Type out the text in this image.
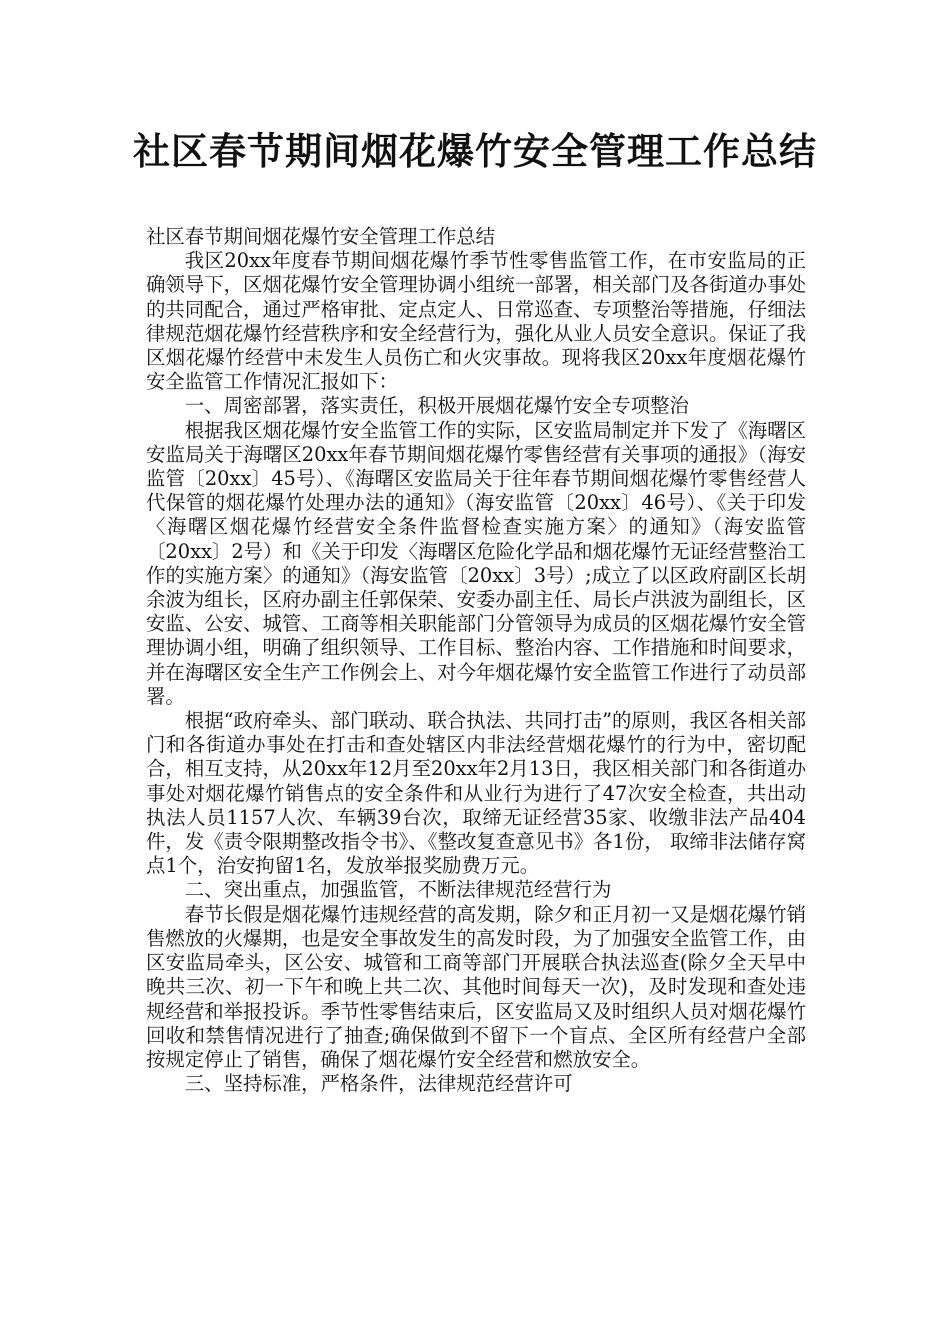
社区春节期间烟花爆竹安全管理工作总结

社区春节期间烟花爆竹安全管理工作总结

我区20xx年度春节期间烟花爆竹季节性零售监管工作，在市安监局的正确领导下，区烟花爆竹安全管理协调小组统一部署，相关部门及各街道办事处的共同配合，通过严格审批、定点定人、日常巡查、专项整治等措施，仔细法律规范烟花爆竹经营秩序和安全经营行为，强化从业人员安全意识。保证了我区烟花爆竹经营中未发生人员伤亡和火灾事故。现将我区20xx年度烟花爆竹安全监管工作情况汇报如下：

一、周密部署，落实责任，积极开展烟花爆竹安全专项整治

根据我区烟花爆竹安全监管工作的实际，区安监局制定并下发了《海曙区安监局关于海曙区20xx年春节期间烟花爆竹零售经营有关事项的通报》（海安监管〔20xx〕45号）、《海曙区安监局关于往年春节期间烟花爆竹零售经营人代保管的烟花爆竹处理办法的通知》（海安监管〔20xx〕46号）、《关于印发〈海曙区烟花爆竹经营安全条件监督检查实施方案〉的通知》（海安监管〔20xx〕2号）和《关于印发〈海曙区危险化学品和烟花爆竹无证经营整治工作的实施方案〉的通知》（海安监管〔20xx〕3号）;成立了以区政府副区长胡余波为组长，区府办副主任郭保荣、安委办副主任、局长卢洪波为副组长，区安监、公安、城管、工商等相关职能部门分管领导为成员的区烟花爆竹安全管理协调小组，明确了组织领导、工作目标、整治内容、工作措施和时间要求，并在海曙区安全生产工作例会上、对今年烟花爆竹安全监管工作进行了动员部署。

根据“政府牵头、部门联动、联合执法、共同打击”的原则，我区各相关部门和各街道办事处在打击和查处辖区内非法经营烟花爆竹的行为中，密切配合，相互支持，从20xx年12月至20xx年2月13日，我区相关部门和各街道办事处对烟花爆竹销售点的安全条件和从业行为进行了47次安全检查，共出动执法人员1157人次、车辆39台次，取缔无证经营35家、收缴非法产品404件，发《责令限期整改指令书》、《整改复查意见书》各1份， 取缔非法储存窝点1个，治安拘留1名，发放举报奖励费万元。

二、突出重点，加强监管，不断法律规范经营行为

春节长假是烟花爆竹违规经营的高发期，除夕和正月初一又是烟花爆竹销售燃放的火爆期，也是安全事故发生的高发时段，为了加强安全监管工作，由区安监局牵头，区公安、城管和工商等部门开展联合执法巡查(除夕全天早中晚共三次、初一下午和晚上共二次、其他时间每天一次)，及时发现和查处违规经营和举报投诉。季节性零售结束后，区安监局又及时组织人员对烟花爆竹回收和禁售情况进行了抽查;确保做到不留下一个盲点、全区所有经营户全部按规定停止了销售，确保了烟花爆竹安全经营和燃放安全。

三、坚持标准，严格条件，法律规范经营许可
